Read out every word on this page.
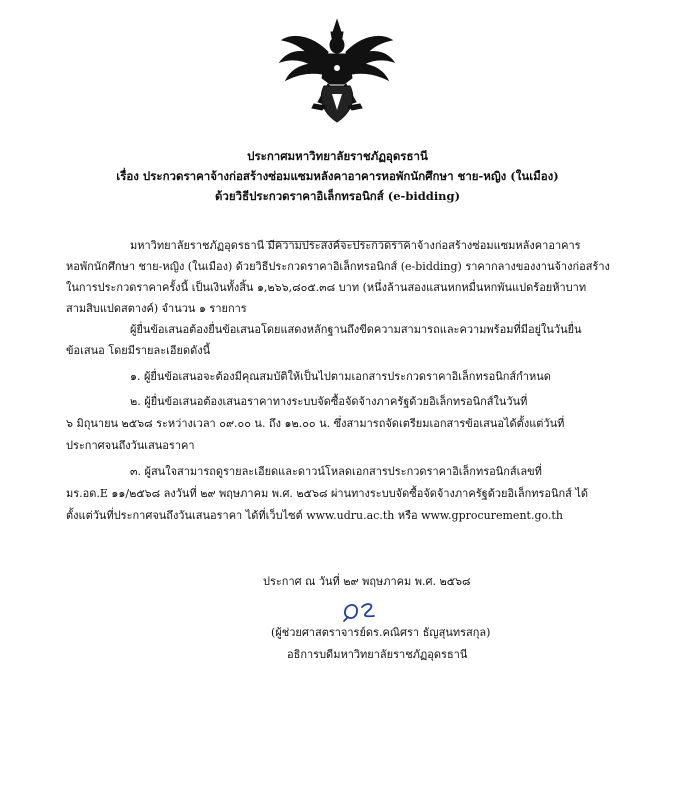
ประกาศมหาวิทยาลัยราชภัฏอุดรธานี
เรื่อง ประกวดราคาจ้างก่อสร้างซ่อมแซมหลังคาอาคารหอพักนักศึกษา ชาย-หญิง (ในเมือง)
ด้วยวิธีประกวดราคาอิเล็กทรอนิกส์ (e-bidding)
มหาวิทยาลัยราชภัฏอุดรธานี มีความประสงค์จะประกวดราคาจ้างก่อสร้างซ่อมแซมหลังคาอาคาร
หอพักนักศึกษา ชาย-หญิง (ในเมือง) ด้วยวิธีประกวดราคาอิเล็กทรอนิกส์ (e-bidding) ราคากลางของงานจ้างก่อสร้าง
ในการประกวดราคาครั้งนี้ เป็นเงินทั้งสิ้น ๑,๒๖๖,๘๐๕.๓๘ บาท (หนึ่งล้านสองแสนหกหมื่นหกพันแปดร้อยห้าบาท
สามสิบแปดสตางค์) จำนวน ๑ รายการ
ผู้ยื่นข้อเสนอต้องยื่นข้อเสนอโดยแสดงหลักฐานถึงขีดความสามารถและความพร้อมที่มีอยู่ในวันยื่น
ข้อเสนอ โดยมีรายละเอียดดังนี้
๑. ผู้ยื่นข้อเสนอจะต้องมีคุณสมบัติให้เป็นไปตามเอกสารประกวดราคาอิเล็กทรอนิกส์กำหนด
๒. ผู้ยื่นข้อเสนอต้องเสนอราคาทางระบบจัดซื้อจัดจ้างภาครัฐด้วยอิเล็กทรอนิกส์ในวันที่
๖ มิถุนายน ๒๕๖๘ ระหว่างเวลา ๐๙.๐๐ น. ถึง ๑๒.๐๐ น. ซึ่งสามารถจัดเตรียมเอกสารข้อเสนอได้ตั้งแต่วันที่
ประกาศจนถึงวันเสนอราคา
๓. ผู้สนใจสามารถดูรายละเอียดและดาวน์โหลดเอกสารประกวดราคาอิเล็กทรอนิกส์เลขที่
มร.อด.E ๑๑/๒๕๖๘ ลงวันที่ ๒๙ พฤษภาคม พ.ศ. ๒๕๖๘ ผ่านทางระบบจัดซื้อจัดจ้างภาครัฐด้วยอิเล็กทรอนิกส์ ได้
ตั้งแต่วันที่ประกาศจนถึงวันเสนอราคา ได้ที่เว็บไซต์ www.udru.ac.th หรือ www.gprocurement.go.th
ประกาศ ณ วันที่ ๒๙ พฤษภาคม พ.ศ. ๒๕๖๘
(ผู้ช่วยศาสตราจารย์ดร.คณิศรา ธัญสุนทรสกุล)
อธิการบดีมหาวิทยาลัยราชภัฏอุดรธานี
